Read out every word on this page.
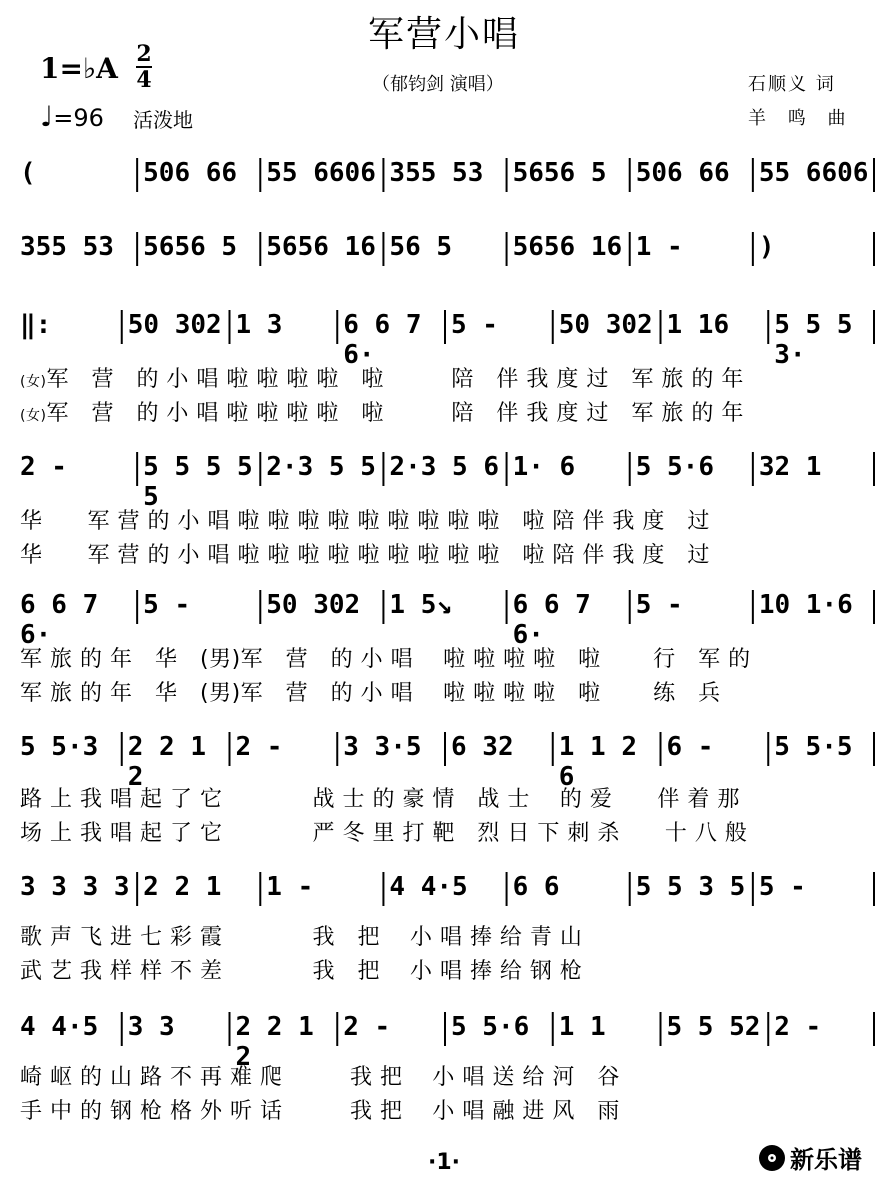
军营小唱
1=♭A 2
4
♩=96 活泼地
（郁钧剑 演唱）	石顺义 词
羊 鸣 曲
(	506 66	55 6606 355 53	5656 5	506 66	55 6606
355 53	5656 5	5656 16 56 5	5656 16 1 -	)
‖:	50 302 1 3	6 6 7 6·
5 -	50 302 1 16	5 5 5 3·
(女)军　营　的 小 唱 啦 啦 啦 啦　啦　　　陪　伴 我 度 过　军 旅 的 年
(女)军　营　的 小 唱 啦 啦 啦 啦　啦　　　陪　伴 我 度 过　军 旅 的 年
2 -	5 5 5 5 5
2·3 5 5 2·3 5 6 1· 6	5 5·6	32 1
华　　军 营 的 小 唱 啦 啦 啦 啦 啦 啦 啦 啦 啦　啦 陪 伴 我 度　过
华　　军 营 的 小 唱 啦 啦 啦 啦 啦 啦 啦 啦 啦　啦 陪 伴 我 度　过
6 6 7 6·
5 -	50 302	1 5↘	6 6 7 6·
5 -	10 1·6
军 旅 的 年　华　(男)军　营　的 小 唱　 啦 啦 啦 啦　啦　　 行　军 的
军 旅 的 年　华　(男)军　营　的 小 唱　 啦 啦 啦 啦　啦　　 练　兵
5 5·3	2 2 1 2
2 -	3 3·5	6 32	1 1 2 6
6 -	5 5·5
路 上 我 唱 起 了 它　　　　战 士 的 豪 情　战 士　 的 爱　　伴 着 那
场 上 我 唱 起 了 它　　　　严 冬 里 打 靶　烈 日 下 刺 杀　　十 八 般
3 3 3 3 2 2 1	1 -	4 4·5	6 6	5 5 3 5 5 -
歌 声 飞 进 七 彩 霞　　　　我　把　 小 唱 捧 给 青 山
武 艺 我 样 样 不 差　　　　我　把　 小 唱 捧 给 钢 枪
4 4·5	3 3	2 2 1 2
2 -	5 5·6	1 1	5 5 52 2 -
崎 岖 的 山 路 不 再 难 爬　　　我 把　 小 唱 送 给 河　谷
手 中 的 钢 枪 格 外 听 话　　　我 把　 小 唱 融 进 风　雨
·1·	新乐谱
